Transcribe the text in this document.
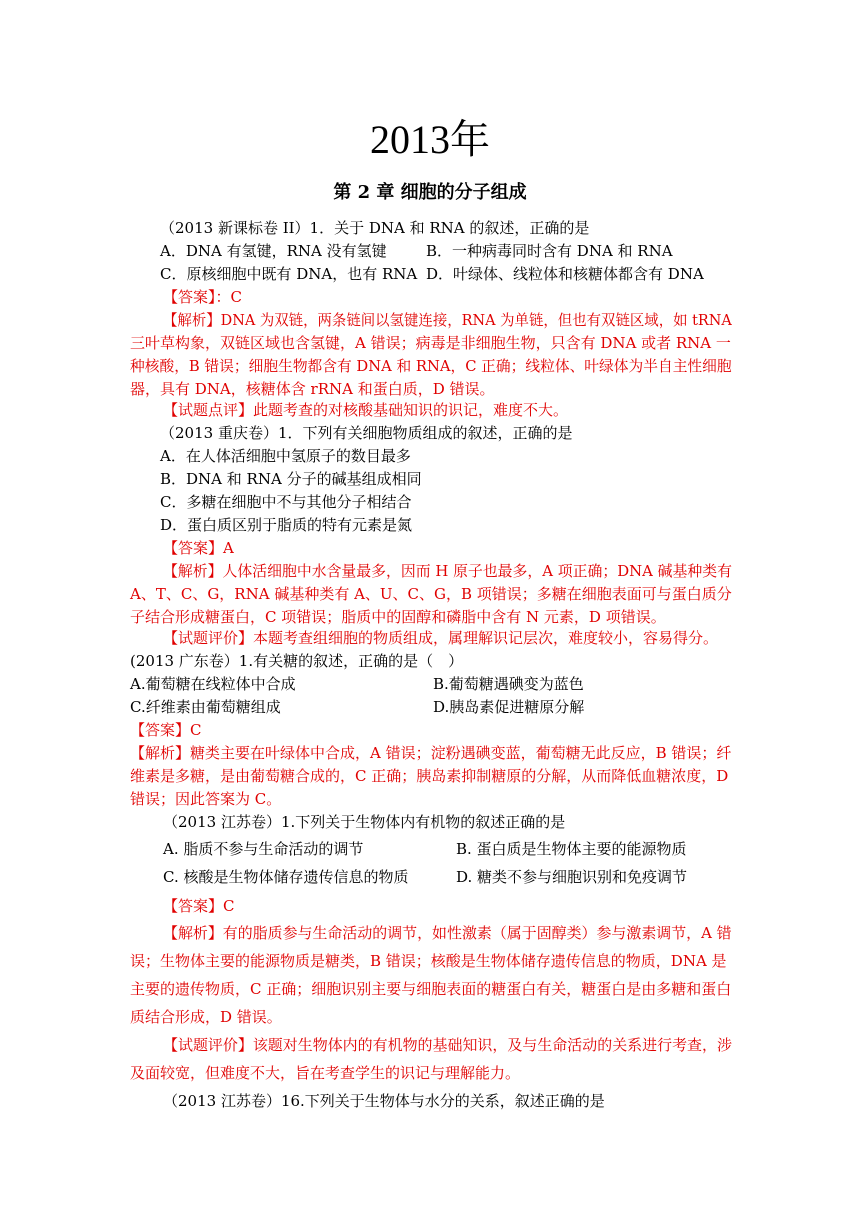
2013年
第 2 章 细胞的分子组成
（2013 新课标卷 II）1．关于 DNA 和 RNA 的叙述，正确的是
A．DNA 有氢键，RNA 没有氢键	B．一种病毒同时含有 DNA 和 RNA
C．原核细胞中既有 DNA，也有 RNA D．叶绿体、线粒体和核糖体都含有 DNA
【答案】：C
【解析】DNA 为双链，两条链间以氢键连接，RNA 为单链，但也有双链区域，如 tRNA
三叶草构象，双链区域也含氢键，A 错误；病毒是非细胞生物，只含有 DNA 或者 RNA 一
种核酸，B 错误；细胞生物都含有 DNA 和 RNA，C 正确；线粒体、叶绿体为半自主性细胞
器，具有 DNA，核糖体含 rRNA 和蛋白质，D 错误。
【试题点评】此题考查的对核酸基础知识的识记，难度不大。
（2013 重庆卷）1．下列有关细胞物质组成的叙述，正确的是
A．在人体活细胞中氢原子的数目最多
B．DNA 和 RNA 分子的碱基组成相同
C．多糖在细胞中不与其他分子相结合
D．蛋白质区别于脂质的特有元素是氮
【答案】A
【解析】人体活细胞中水含量最多，因而 H 原子也最多，A 项正确；DNA 碱基种类有
A、T、C、G，RNA 碱基种类有 A、U、C、G，B 项错误；多糖在细胞表面可与蛋白质分
子结合形成糖蛋白，C 项错误；脂质中的固醇和磷脂中含有 N 元素，D 项错误。
【试题评价】本题考查组细胞的物质组成，属理解识记层次，难度较小，容易得分。
(2013 广东卷）1.有关糖的叙述，正确的是（　）
A.葡萄糖在线粒体中合成	B.葡萄糖遇碘变为蓝色
C.纤维素由葡萄糖组成	D.胰岛素促进糖原分解
【答案】C
【解析】糖类主要在叶绿体中合成，A 错误；淀粉遇碘变蓝，葡萄糖无此反应，B 错误；纤
维素是多糖，是由葡萄糖合成的，C 正确；胰岛素抑制糖原的分解，从而降低血糖浓度，D
错误；因此答案为 C。
（2013 江苏卷）1.下列关于生物体内有机物的叙述正确的是
A. 脂质不参与生命活动的调节	B. 蛋白质是生物体主要的能源物质
C. 核酸是生物体储存遗传信息的物质	D. 糖类不参与细胞识别和免疫调节
【答案】C
【解析】有的脂质参与生命活动的调节，如性激素（属于固醇类）参与激素调节，A 错
误；生物体主要的能源物质是糖类，B 错误；核酸是生物体储存遗传信息的物质，DNA 是
主要的遗传物质，C 正确；细胞识别主要与细胞表面的糖蛋白有关，糖蛋白是由多糖和蛋白
质结合形成，D 错误。
【试题评价】该题对生物体内的有机物的基础知识，及与生命活动的关系进行考查，涉
及面较宽，但难度不大，旨在考查学生的识记与理解能力。
（2013 江苏卷）16.下列关于生物体与水分的关系，叙述正确的是
